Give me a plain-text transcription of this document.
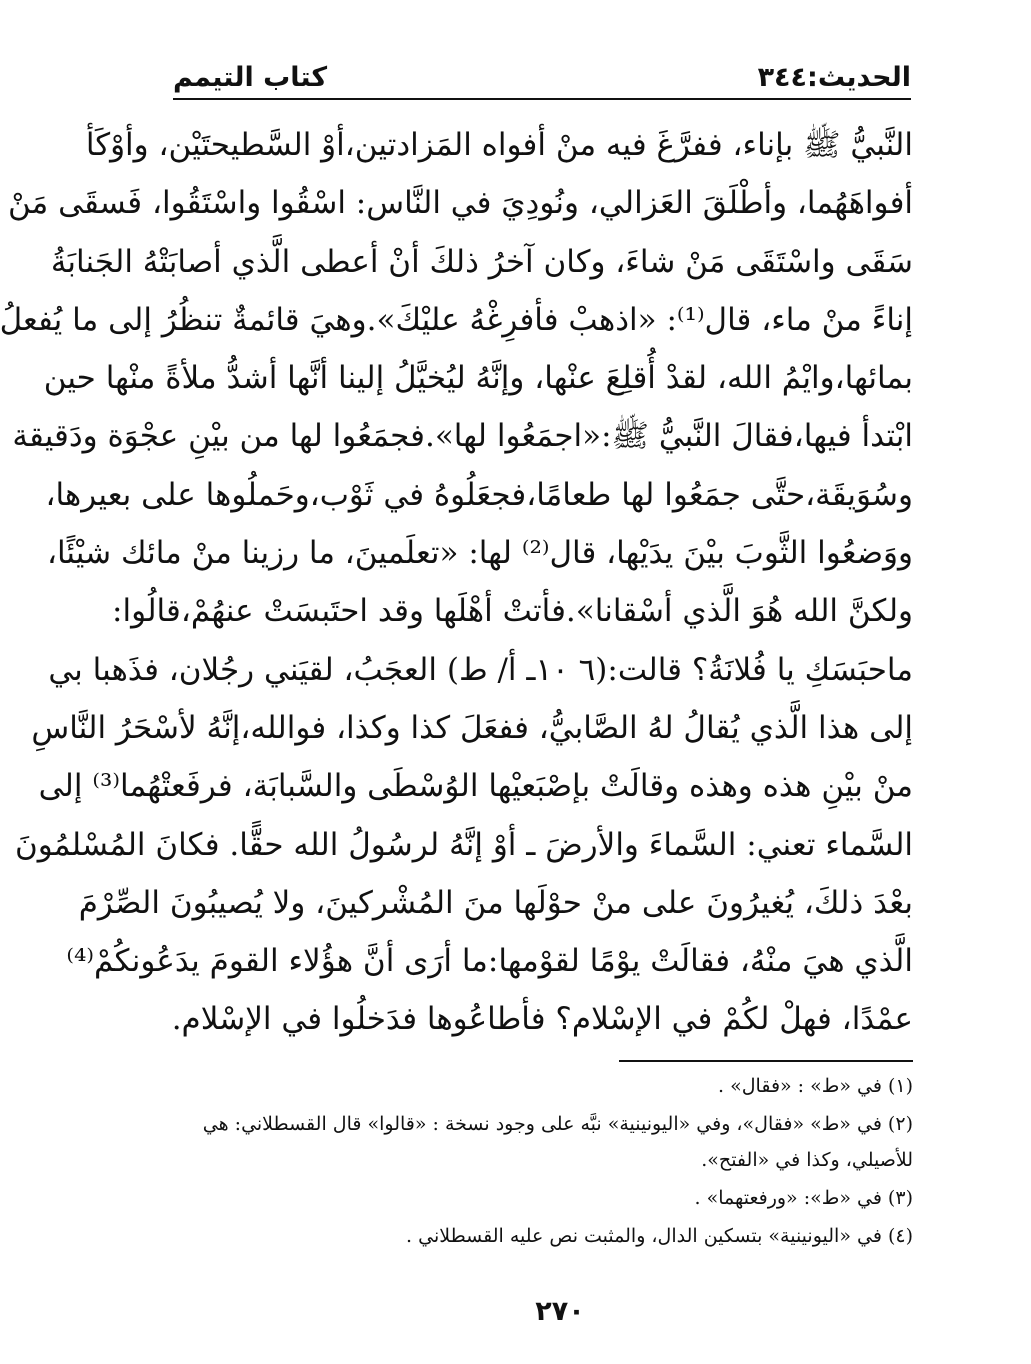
الحديث:٣٤٤
كتاب التيمم
النَّبيُّ ﷺ بإناء، ففرَّغَ فيه منْ أفواه المَزادتين،أوْ السَّطيحتَيْن، وأوْكَأ
أفواهَهُما، وأطْلَقَ العَزالي، ونُودِيَ في النَّاس: اسْقُوا واسْتَقُوا، فَسقَى مَنْ
سَقَى واسْتَقَى مَنْ شاءَ، وكان آخرُ ذلكَ أنْ أعطى الَّذي أصابَتْهُ الجَنابَةُ
إناءً منْ ماء، قال⁽¹⁾: «اذهبْ فأفرِغْهُ عليْكَ».وهيَ قائمةٌ تنظُرُ إلى ما يُفعلُ
بمائها،وايْمُ الله، لقدْ أُقلِعَ عنْها، وإنَّهُ ليُخيَّلُ إلينا أنَّها أشدُّ ملأةً منْها حين
ابْتدأ فيها،فقالَ النَّبيُّ ﷺ:«اجمَعُوا لها».فجمَعُوا لها من بيْنِ عجْوَة ودَقيقة
وسُوَيقَة،حتَّى جمَعُوا لها طعامًا،فجعَلُوهُ في ثَوْب،وحَملُوها على بعيرها،
ووَضعُوا الثَّوبَ بيْنَ يدَيْها، قال⁽²⁾ لها: «تعلَمينَ، ما رزينا منْ مائك شيْئًا،
ولكنَّ الله هُوَ الَّذي أسْقانا».فأتتْ أهْلَها وقد احتَبسَتْ عنهُمْ،قالُوا:
ماحبَسَكِ يا فُلانَةُ؟ قالت:(٦ ١٠ـ أ/ ط) العجَبُ، لقيَني رجُلان، فذَهبا بي
إلى هذا الَّذي يُقالُ لهُ الصَّابيُّ، ففعَلَ كذا وكذا، فوالله،إنَّهُ لأسْحَرُ النَّاسِ
منْ بيْنِ هذه وهذه وقالَتْ بإصْبَعيْها الوُسْطَى والسَّبابَة، فرفَعتْهُما⁽³⁾ إلى
السَّماء تعني: السَّماءَ والأرضَ ـ أوْ إنَّهُ لرسُولُ الله حقًّا. فكانَ المُسْلمُونَ
بعْدَ ذلكَ، يُغيرُونَ على منْ حوْلَها منَ المُشْركينَ، ولا يُصيبُونَ الصِّرْمَ
الَّذي هيَ منْهُ، فقالَتْ يوْمًا لقوْمها:ما أرَى أنَّ هؤُلاء القومَ يدَعُونكُمْ⁽⁴⁾
عمْدًا، فهلْ لكُمْ في الإسْلام؟ فأطاعُوها فدَخلُوا في الإسْلام.
(١) في «ط» : «فقال» .
(٢) في «ط» «فقال»، وفي «اليونينية» نبَّه على وجود نسخة : «قالوا» قال القسطلاني: هي
للأصيلي، وكذا في «الفتح».
(٣) في «ط»: «ورفعتهما» .
(٤) في «اليونينية» بتسكين الدال، والمثبت نص عليه القسطلاني .
٢٧٠
